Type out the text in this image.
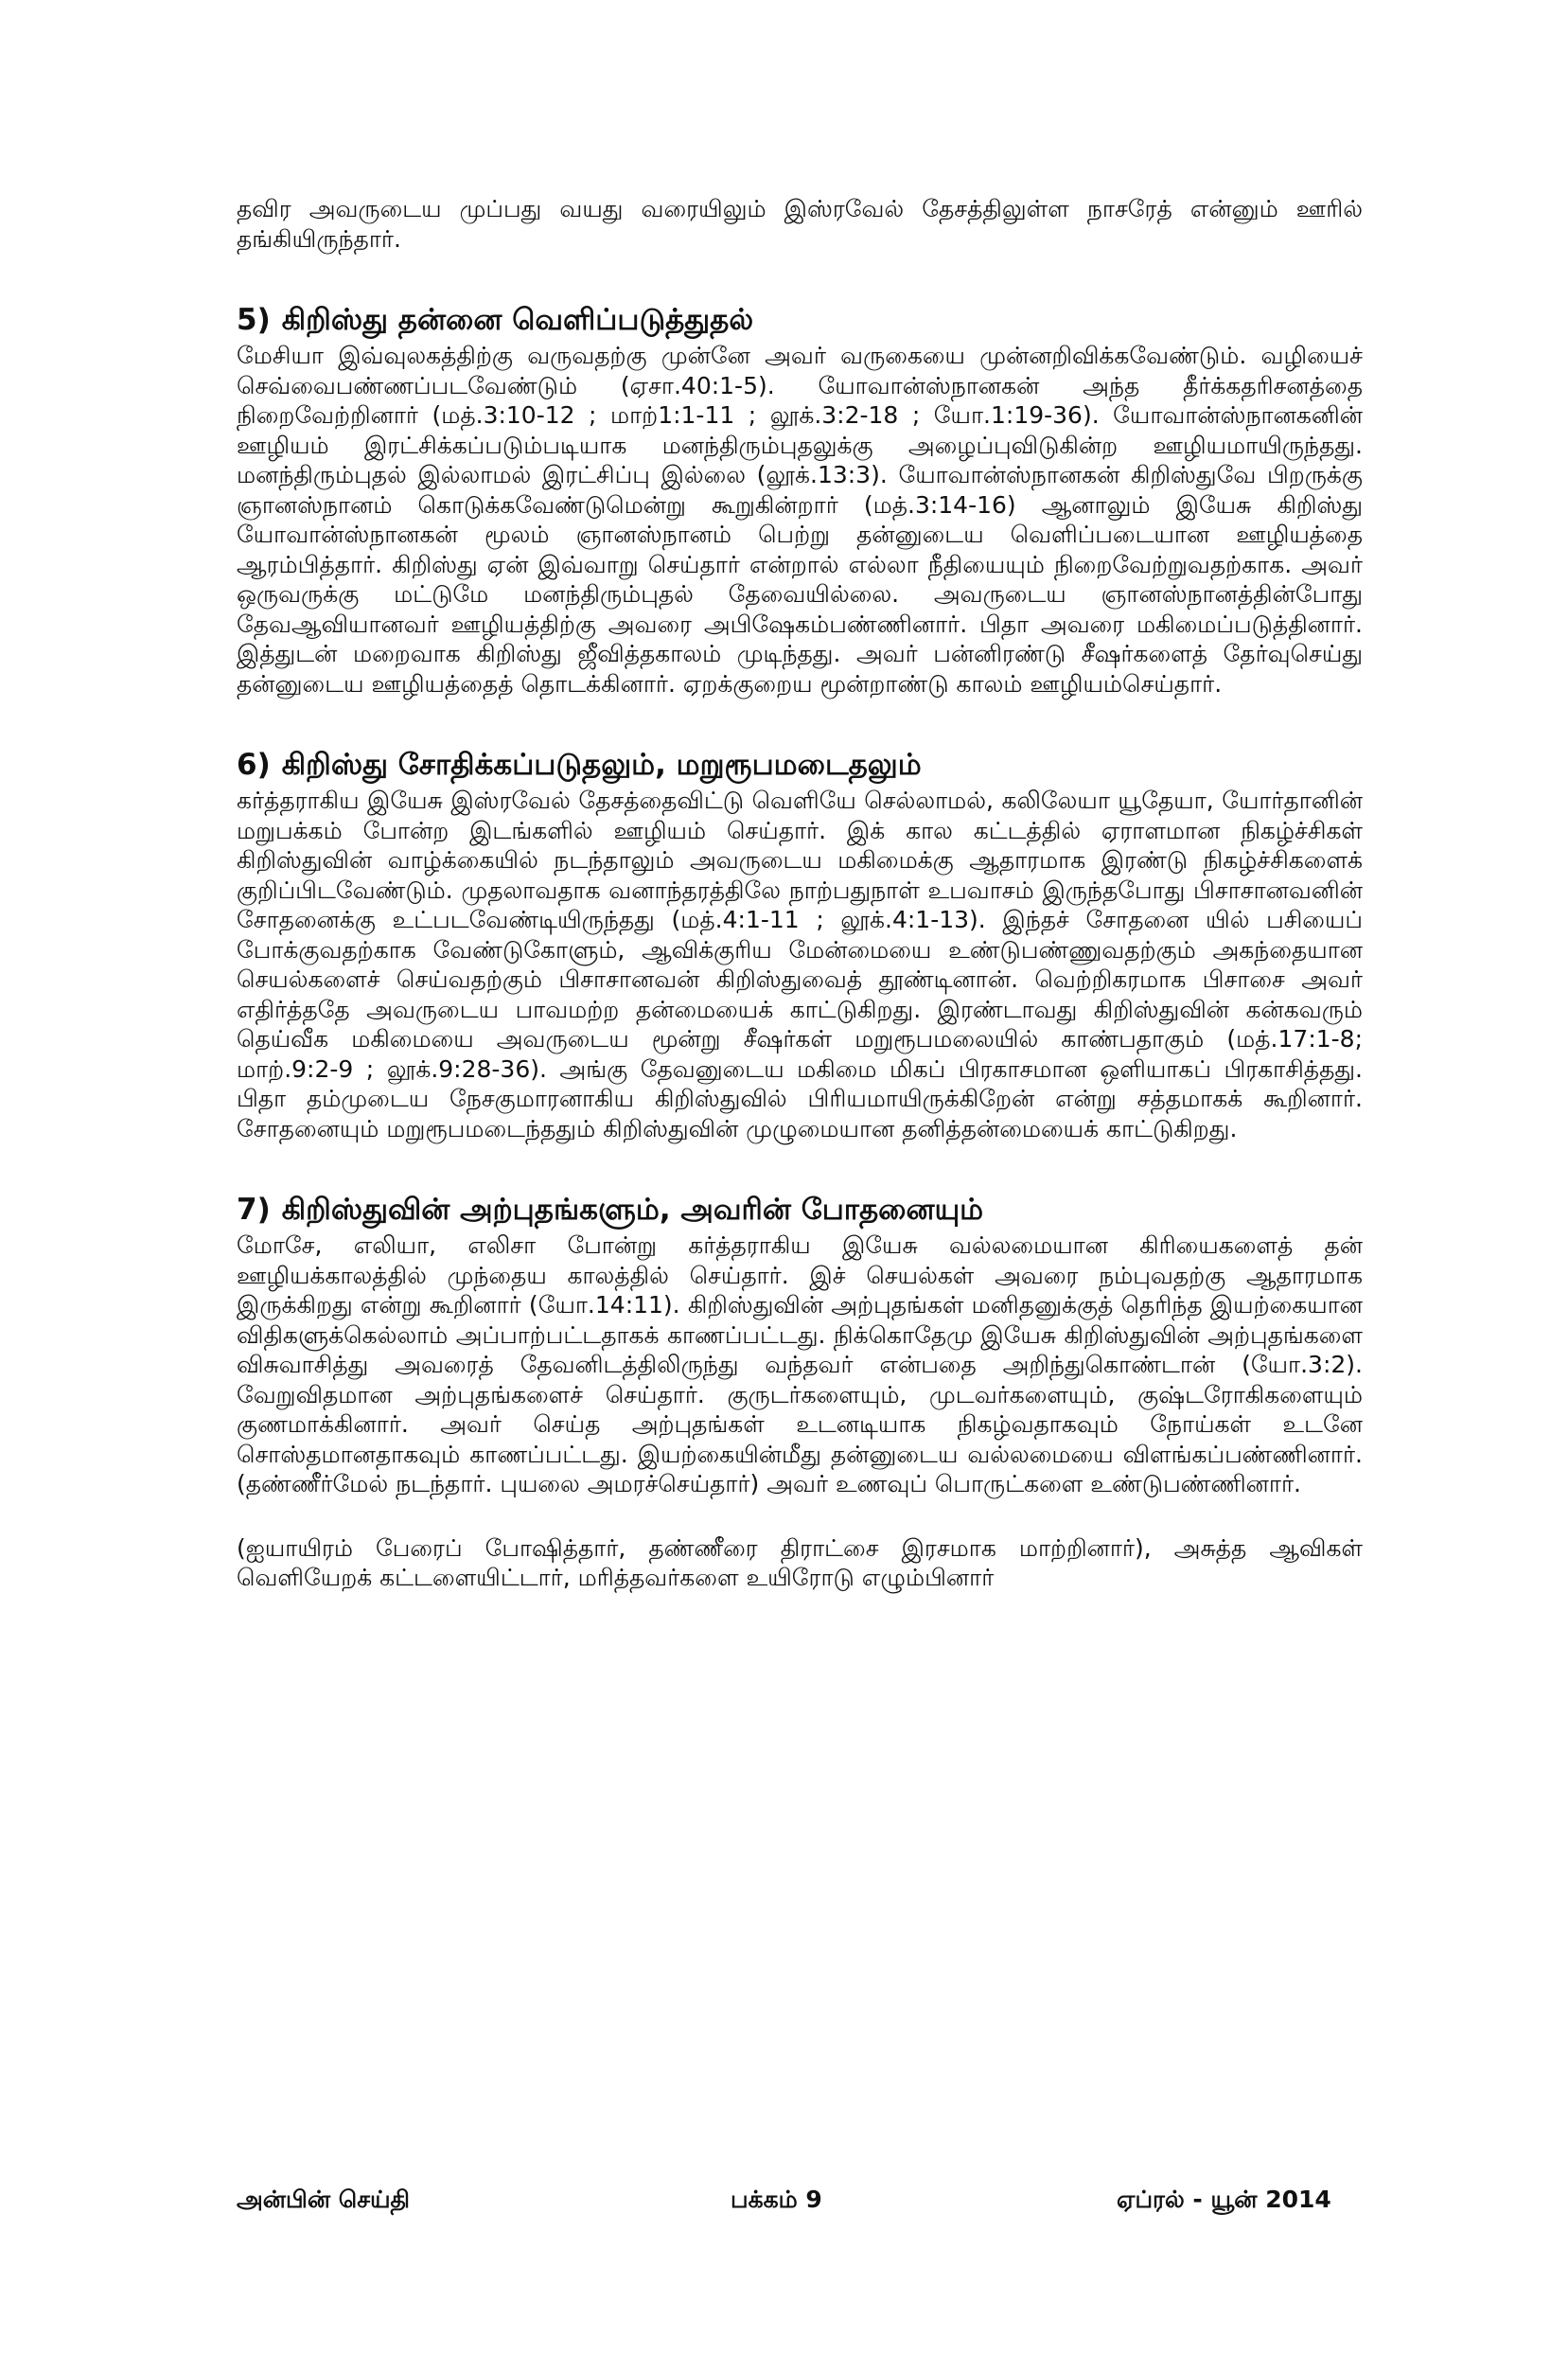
தவிர அவருடைய முப்பது வயது வரையிலும் இஸ்ரவேல் தேசத்திலுள்ள நாசரேத் என்னும் ஊரில் தங்கியிருந்தார்.

5) கிறிஸ்து தன்னை வெளிப்படுத்துதல்

மேசியா இவ்வுலகத்திற்கு வருவதற்கு முன்னே அவர் வருகையை முன்னறிவிக்கவேண்டும். வழியைச் செவ்வைபண்ணப்படவேண்டும் (ஏசா.40:1-5). யோவான்ஸ்நானகன் அந்த தீர்க்கதரிசனத்தை நிறைவேற்றினார் (மத்.3:10-12 ; மாற்1:1-11 ; லூக்.3:2-18 ; யோ.1:19-36). யோவான்ஸ்நானகனின் ஊழியம் இரட்சிக்கப்படும்படியாக மனந்திரும்புதலுக்கு அழைப்புவிடுகின்ற ஊழியமாயிருந்தது. மனந்திரும்புதல் இல்லாமல் இரட்சிப்பு இல்லை (லூக்.13:3). யோவான்ஸ்நானகன் கிறிஸ்துவே பிறருக்கு ஞானஸ்நானம் கொடுக்கவேண்டுமென்று கூறுகின்றார் (மத்.3:14-16) ஆனாலும் இயேசு கிறிஸ்து யோவான்ஸ்நானகன் மூலம் ஞானஸ்நானம் பெற்று தன்னுடைய வெளிப்படையான ஊழியத்தை ஆரம்பித்தார். கிறிஸ்து ஏன் இவ்வாறு செய்தார் என்றால் எல்லா நீதியையும் நிறைவேற்றுவதற்காக. அவர் ஒருவருக்கு மட்டுமே மனந்திரும்புதல் தேவையில்லை. அவருடைய ஞானஸ்நானத்தின்போது தேவஆவியானவர் ஊழியத்திற்கு அவரை அபிஷேகம்பண்ணினார். பிதா அவரை மகிமைப்படுத்தினார். இத்துடன் மறைவாக கிறிஸ்து ஜீவித்தகாலம் முடிந்தது. அவர் பன்னிரண்டு சீஷர்களைத் தேர்வுசெய்து தன்னுடைய ஊழியத்தைத் தொடக்கினார். ஏறக்குறைய மூன்றாண்டு காலம் ஊழியம்செய்தார்.

6) கிறிஸ்து சோதிக்கப்படுதலும், மறுரூபமடைதலும்

கர்த்தராகிய இயேசு இஸ்ரவேல் தேசத்தைவிட்டு வெளியே செல்லாமல், கலிலேயா யூதேயா, யோர்தானின் மறுபக்கம் போன்ற இடங்களில் ஊழியம் செய்தார். இக் கால கட்டத்தில் ஏராளமான நிகழ்ச்சிகள் கிறிஸ்துவின் வாழ்க்கையில் நடந்தாலும் அவருடைய மகிமைக்கு ஆதாரமாக இரண்டு நிகழ்ச்சிகளைக் குறிப்பிடவேண்டும். முதலாவதாக வனாந்தரத்திலே நாற்பதுநாள் உபவாசம் இருந்தபோது பிசாசானவனின் சோதனைக்கு உட்படவேண்டியிருந்தது (மத்.4:1-11 ; லூக்.4:1-13). இந்தச் சோதனை யில் பசியைப் போக்குவதற்காக வேண்டுகோளும், ஆவிக்குரிய மேன்மையை உண்டுபண்ணுவதற்கும் அகந்தையான செயல்களைச் செய்வதற்கும் பிசாசானவன் கிறிஸ்துவைத் தூண்டினான். வெற்றிகரமாக பிசாசை அவர் எதிர்த்ததே அவருடைய பாவமற்ற தன்மையைக் காட்டுகிறது. இரண்டாவது கிறிஸ்துவின் கன்கவரும் தெய்வீக மகிமையை அவருடைய மூன்று சீஷர்கள் மறுரூபமலையில் காண்பதாகும் (மத்.17:1-8; மாற்.9:2-9 ; லூக்.9:28-36). அங்கு தேவனுடைய மகிமை மிகப் பிரகாசமான ஒளியாகப் பிரகாசித்தது. பிதா தம்முடைய நேசகுமாரனாகிய கிறிஸ்துவில் பிரியமாயிருக்கிறேன் என்று சத்தமாகக் கூறினார். சோதனையும் மறுரூபமடைந்ததும் கிறிஸ்துவின் முழுமையான தனித்தன்மையைக் காட்டுகிறது.

7) கிறிஸ்துவின் அற்புதங்களும், அவரின் போதனையும்

மோசே, எலியா, எலிசா போன்று கர்த்தராகிய இயேசு வல்லமையான கிரியைகளைத் தன் ஊழியக்காலத்தில் முந்தைய காலத்தில் செய்தார். இச் செயல்கள் அவரை நம்புவதற்கு ஆதாரமாக இருக்கிறது என்று கூறினார் (யோ.14:11). கிறிஸ்துவின் அற்புதங்கள் மனிதனுக்குத் தெரிந்த இயற்கையான விதிகளுக்கெல்லாம் அப்பாற்பட்டதாகக் காணப்பட்டது. நிக்கொதேமு இயேசு கிறிஸ்துவின் அற்புதங்களை விசுவாசித்து அவரைத் தேவனிடத்திலிருந்து வந்தவர் என்பதை அறிந்துகொண்டான் (யோ.3:2). வேறுவிதமான அற்புதங்களைச் செய்தார். குருடர்களையும், முடவர்களையும், குஷ்டரோகிகளையும் குணமாக்கினார். அவர் செய்த அற்புதங்கள் உடனடியாக நிகழ்வதாகவும் நோய்கள் உடனே சொஸ்தமானதாகவும் காணப்பட்டது. இயற்கையின்மீது தன்னுடைய வல்லமையை விளங்கப்பண்ணினார். (தண்ணீர்மேல் நடந்தார். புயலை அமரச்செய்தார்) அவர் உணவுப் பொருட்களை உண்டுபண்ணினார்.

(ஐயாயிரம் பேரைப் போஷித்தார், தண்ணீரை திராட்சை இரசமாக மாற்றினார்), அசுத்த ஆவிகள் வெளியேறக் கட்டளையிட்டார், மரித்தவர்களை உயிரோடு எழும்பினார்

அன்பின் செய்தி	பக்கம் 9	ஏப்ரல் - யூன் 2014
